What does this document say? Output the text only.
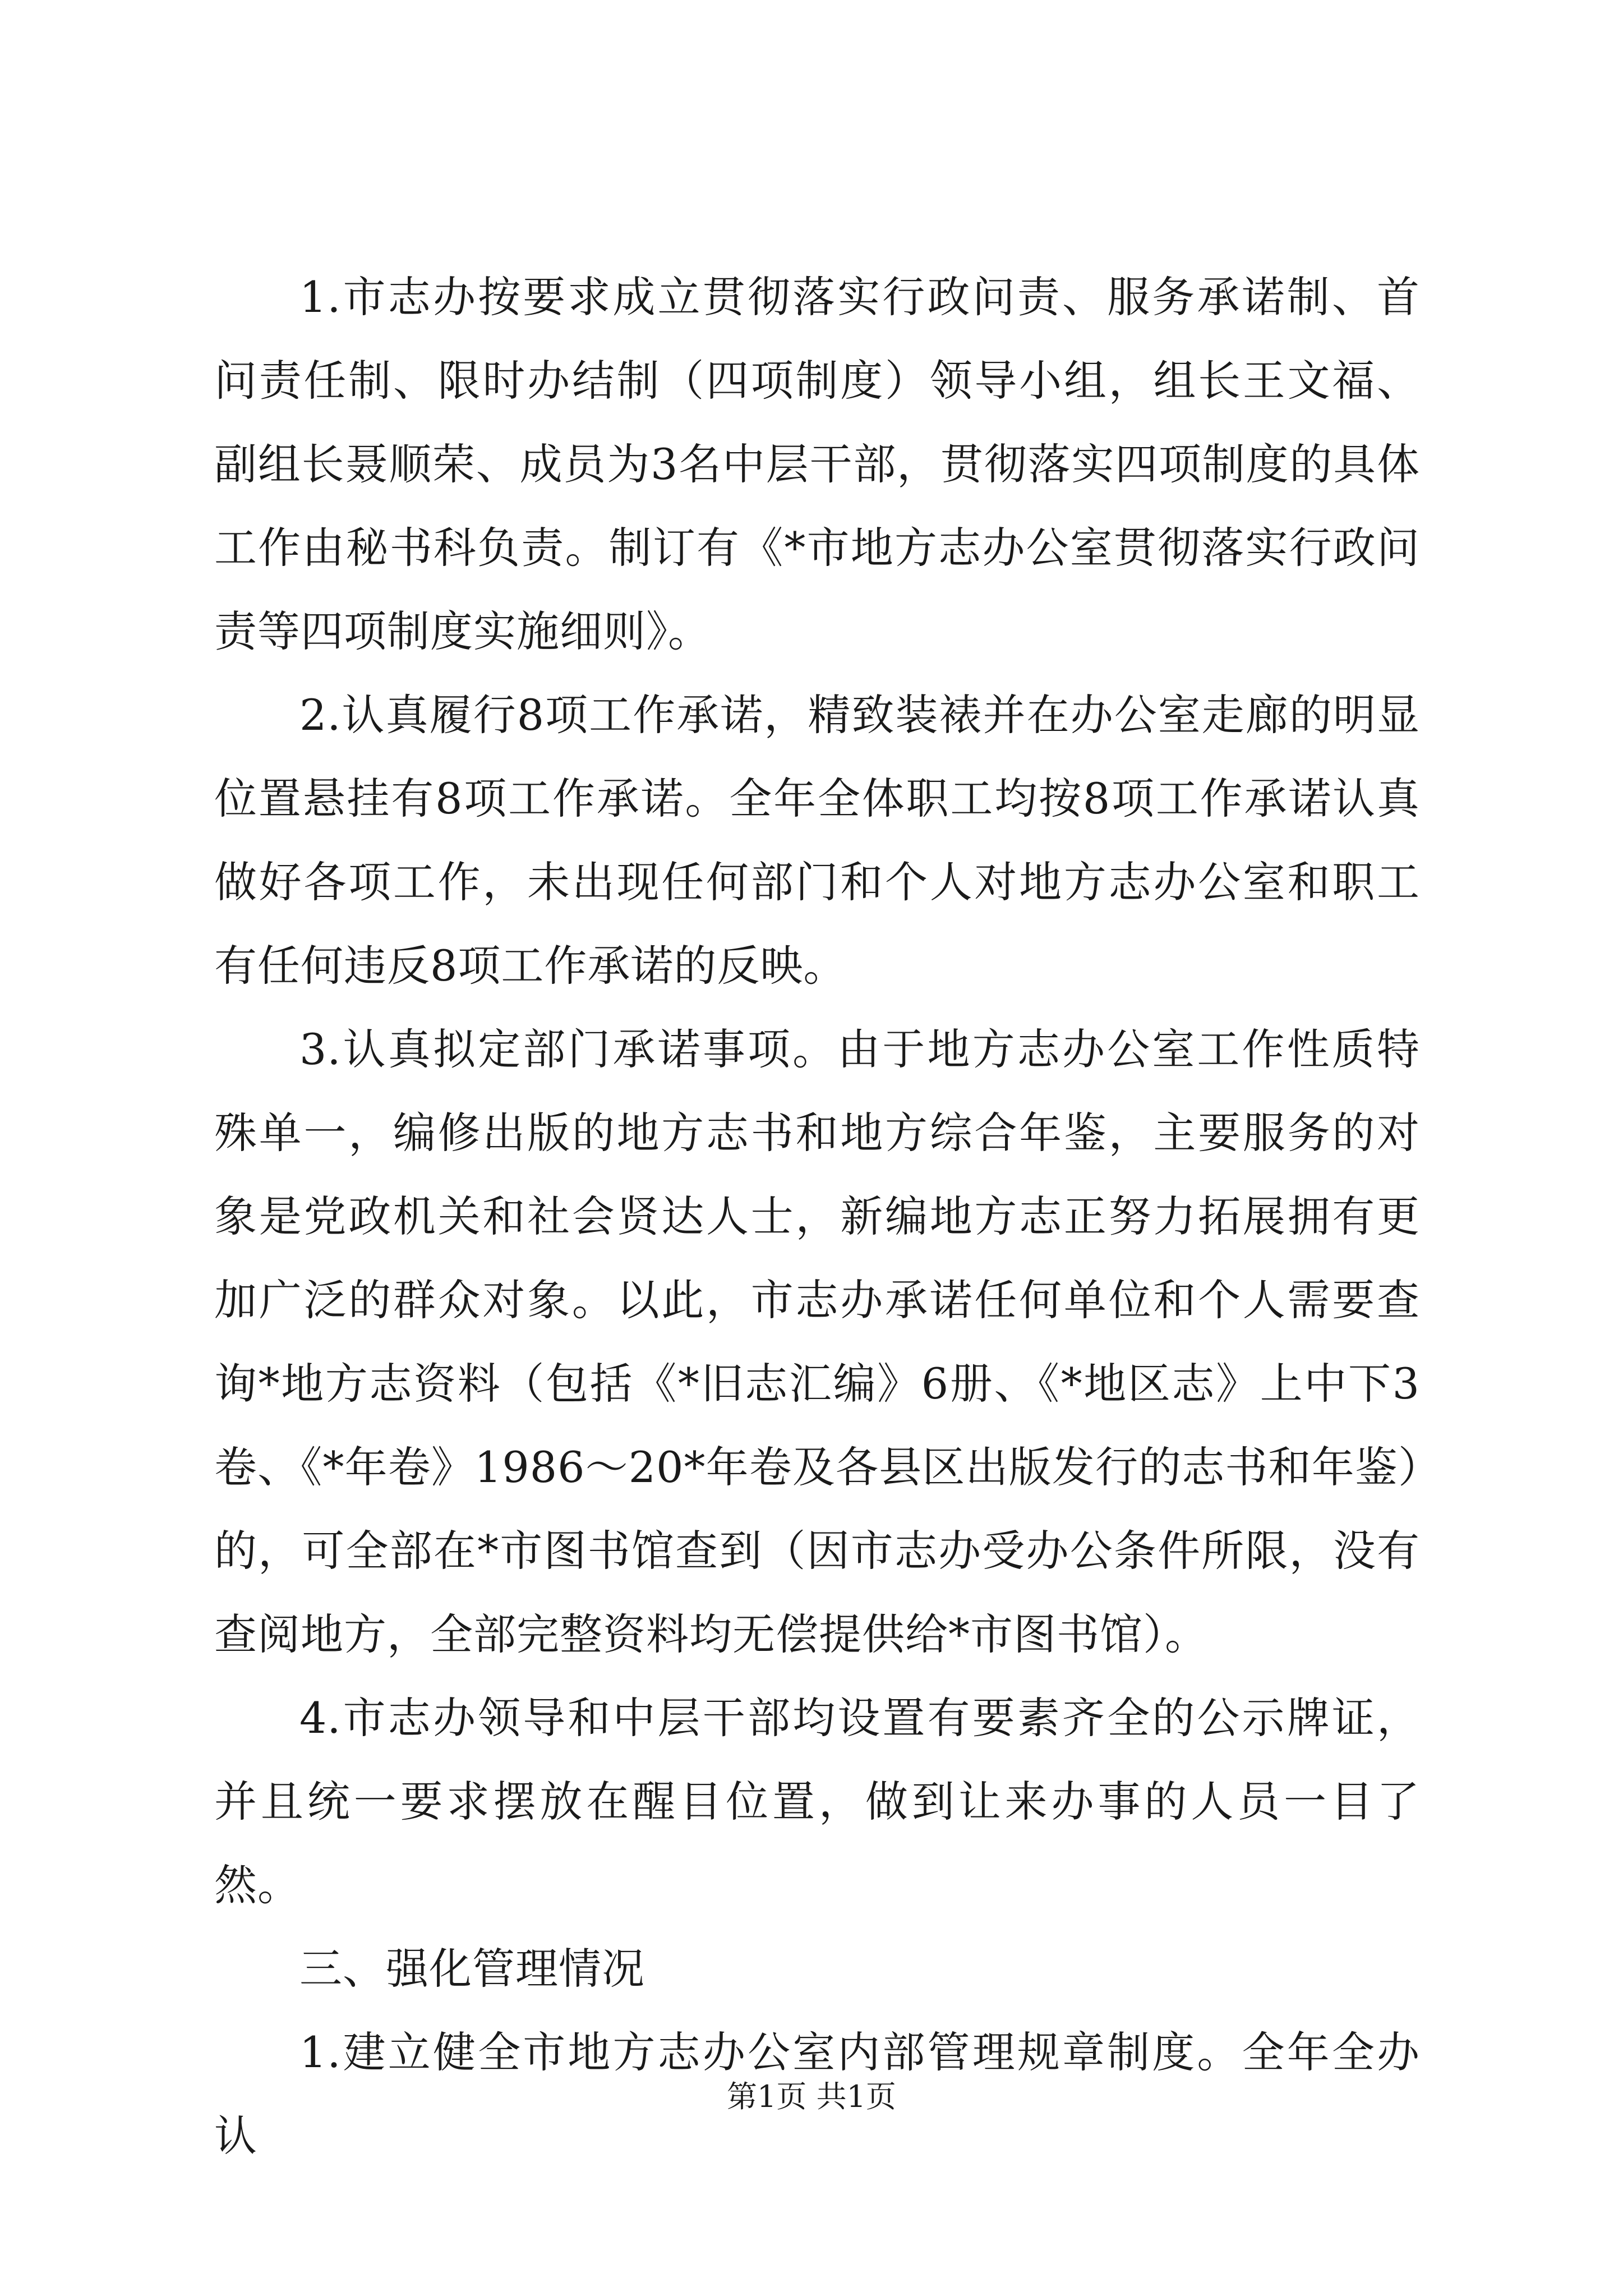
1.市志办按要求成立贯彻落实行政问责、服务承诺制、首问责任制、限时办结制（四项制度）领导小组，组长王文福、副组长聂顺荣、成员为3名中层干部，贯彻落实四项制度的具体工作由秘书科负责。制订有《*市地方志办公室贯彻落实行政问责等四项制度实施细则》。

2.认真履行8项工作承诺，精致装裱并在办公室走廊的明显位置悬挂有8项工作承诺。全年全体职工均按8项工作承诺认真做好各项工作，未出现任何部门和个人对地方志办公室和职工有任何违反8项工作承诺的反映。

3.认真拟定部门承诺事项。由于地方志办公室工作性质特殊单一，编修出版的地方志书和地方综合年鉴，主要服务的对象是党政机关和社会贤达人士，新编地方志正努力拓展拥有更加广泛的群众对象。以此，市志办承诺任何单位和个人需要查询*地方志资料（包括《*旧志汇编》6册、《*地区志》上中下3卷、《*年卷》1986～20*年卷及各县区出版发行的志书和年鉴）的，可全部在*市图书馆查到（因市志办受办公条件所限，没有查阅地方，全部完整资料均无偿提供给*市图书馆）。

4.市志办领导和中层干部均设置有要素齐全的公示牌证，并且统一要求摆放在醒目位置，做到让来办事的人员一目了然。

三、强化管理情况

1.建立健全市地方志办公室内部管理规章制度。全年全办认

第1页 共1页
